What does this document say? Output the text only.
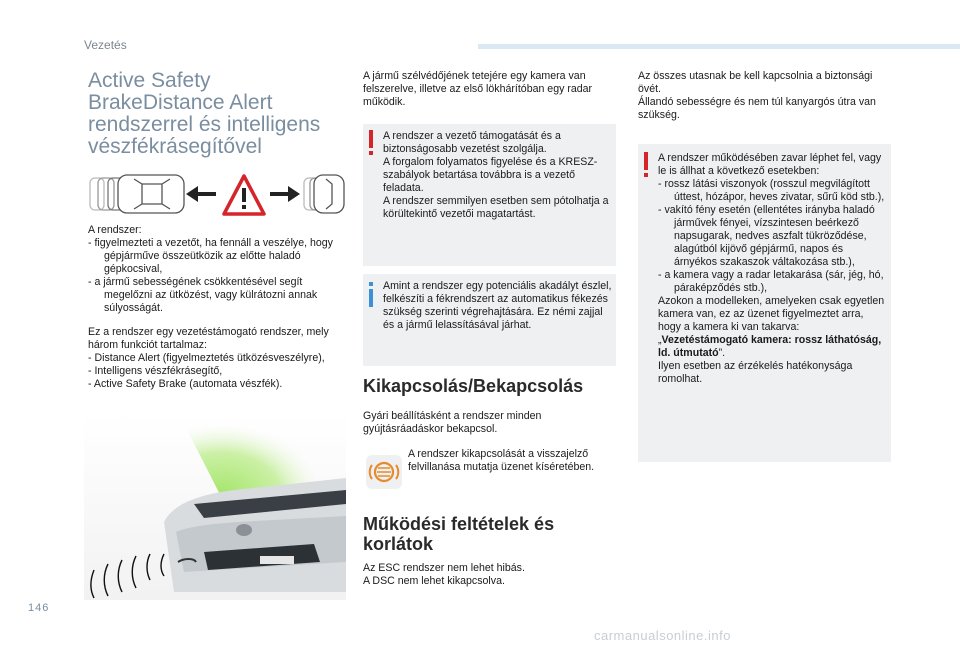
Vezetés
Active Safety
BrakeDistance Alert
rendszerrel és intelligens
vészfékrásegítővel
A rendszer:
- figyelmezteti a vezetőt, ha fennáll a veszélye, hogy gépjárműve összeütközik az előtte haladó gépkocsival,
- a jármű sebességének csökkentésével segít megelőzni az ütközést, vagy külrátozni annak súlyosságát.
Ez a rendszer egy vezetéstámogató rendszer, mely három funkciót tartalmaz:
- Distance Alert (figyelmeztetés ütközésveszélyre),
- Intelligens vészfékrásegítő,
- Active Safety Brake (automata vészfék).
A jármű szélvédőjének tetejére egy kamera van felszerelve, illetve az első lökhárítóban egy radar működik.
A rendszer a vezető támogatását és a biztonságosabb vezetést szolgálja.
A forgalom folyamatos figyelése és a KRESZ-szabályok betartása továbbra is a vezető feladata.
A rendszer semmilyen esetben sem pótolhatja a körültekintő vezetői magatartást.
Amint a rendszer egy potenciális akadályt észlel, felkészíti a fékrendszert az automatikus fékezés szükség szerinti végrehajtására. Ez némi zajjal és a jármű lelassításával járhat.
Kikapcsolás/Bekapcsolás
Gyári beállításként a rendszer minden gyújtásráadáskor bekapcsol.
A rendszer kikapcsolását a visszajelző felvillanása mutatja üzenet kíséretében.
Működési feltételek és
korlátok
Az ESC rendszer nem lehet hibás.
A DSC nem lehet kikapcsolva.
Az összes utasnak be kell kapcsolnia a biztonsági övét.
Állandó sebességre és nem túl kanyargós útra van szükség.
A rendszer működésében zavar léphet fel, vagy le is állhat a következő esetekben:
- rossz látási viszonyok (rosszul megvilágított úttest, hózápor, heves zivatar, sűrű köd stb.),
- vakító fény esetén (ellentétes irányba haladó járművek fényei, vízszintesen beérkező napsugarak, nedves aszfalt tükröződése, alagútból kijövő gépjármű, napos és árnyékos szakaszok váltakozása stb.),
- a kamera vagy a radar letakarása (sár, jég, hó, páraképződés stb.),
Azokon a modelleken, amelyeken csak egyetlen kamera van, ez az üzenet figyelmeztet arra, hogy a kamera ki van takarva: „Vezetéstámogató kamera: rossz láthatóság, ld. útmutató”.
Ilyen esetben az érzékelés hatékonysága romolhat.
146
carmanualsonline.info
